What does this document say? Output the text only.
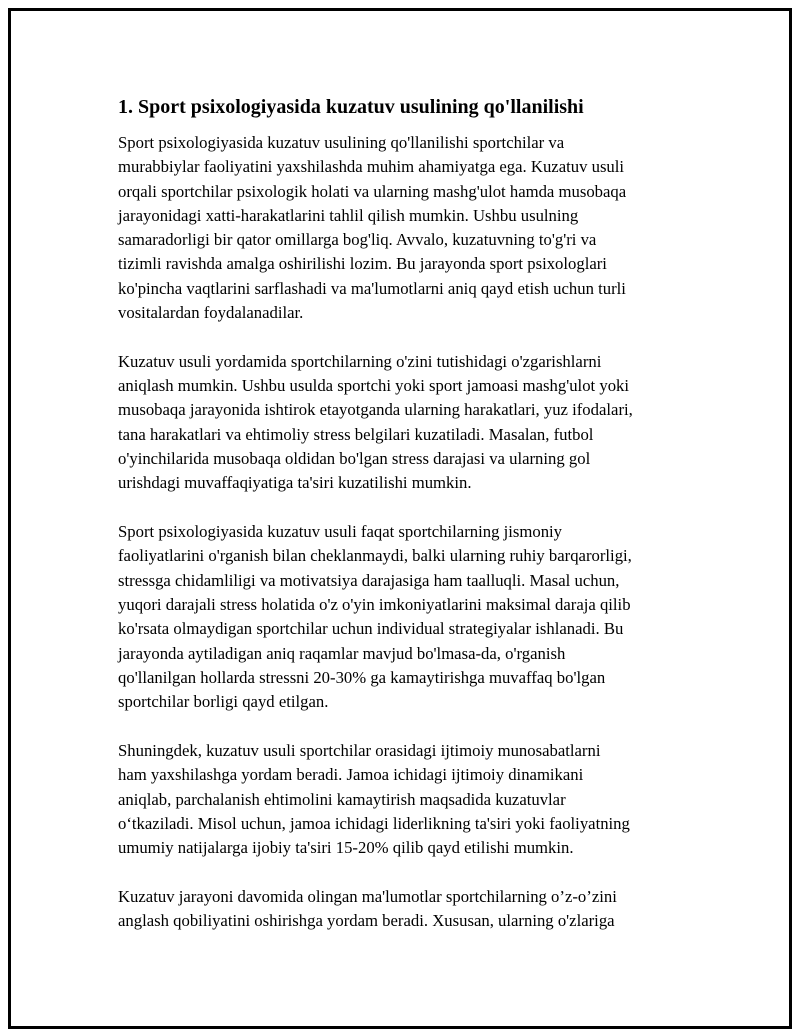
1. Sport psixologiyasida kuzatuv usulining qo'llanilishi

Sport psixologiyasida kuzatuv usulining qo'llanilishi sportchilar va
murabbiylar faoliyatini yaxshilashda muhim ahamiyatga ega. Kuzatuv usuli
orqali sportchilar psixologik holati va ularning mashg'ulot hamda musobaqa
jarayonidagi xatti-harakatlarini tahlil qilish mumkin. Ushbu usulning
samaradorligi bir qator omillarga bog'liq. Avvalo, kuzatuvning to'g'ri va
tizimli ravishda amalga oshirilishi lozim. Bu jarayonda sport psixologlari
ko'pincha vaqtlarini sarflashadi va ma'lumotlarni aniq qayd etish uchun turli
vositalardan foydalanadilar.

Kuzatuv usuli yordamida sportchilarning o'zini tutishidagi o'zgarishlarni
aniqlash mumkin. Ushbu usulda sportchi yoki sport jamoasi mashg'ulot yoki
musobaqa jarayonida ishtirok etayotganda ularning harakatlari, yuz ifodalari,
tana harakatlari va ehtimoliy stress belgilari kuzatiladi. Masalan, futbol
o'yinchilarida musobaqa oldidan bo'lgan stress darajasi va ularning gol
urishdagi muvaffaqiyatiga ta'siri kuzatilishi mumkin.

Sport psixologiyasida kuzatuv usuli faqat sportchilarning jismoniy
faoliyatlarini o'rganish bilan cheklanmaydi, balki ularning ruhiy barqarorligi,
stressga chidamliligi va motivatsiya darajasiga ham taalluqli. Masal uchun,
yuqori darajali stress holatida o'z o'yin imkoniyatlarini maksimal daraja qilib
ko'rsata olmaydigan sportchilar uchun individual strategiyalar ishlanadi. Bu
jarayonda aytiladigan aniq raqamlar mavjud bo'lmasa-da, o'rganish
qo'llanilgan hollarda stressni 20-30% ga kamaytirishga muvaffaq bo'lgan
sportchilar borligi qayd etilgan.

Shuningdek, kuzatuv usuli sportchilar orasidagi ijtimoiy munosabatlarni
ham yaxshilashga yordam beradi. Jamoa ichidagi ijtimoiy dinamikani
aniqlab, parchalanish ehtimolini kamaytirish maqsadida kuzatuvlar
o‘tkaziladi. Misol uchun, jamoa ichidagi liderlikning ta'siri yoki faoliyatning
umumiy natijalarga ijobiy ta'siri 15-20% qilib qayd etilishi mumkin.

Kuzatuv jarayoni davomida olingan ma'lumotlar sportchilarning o’z-o’zini
anglash qobiliyatini oshirishga yordam beradi. Xususan, ularning o'zlariga
